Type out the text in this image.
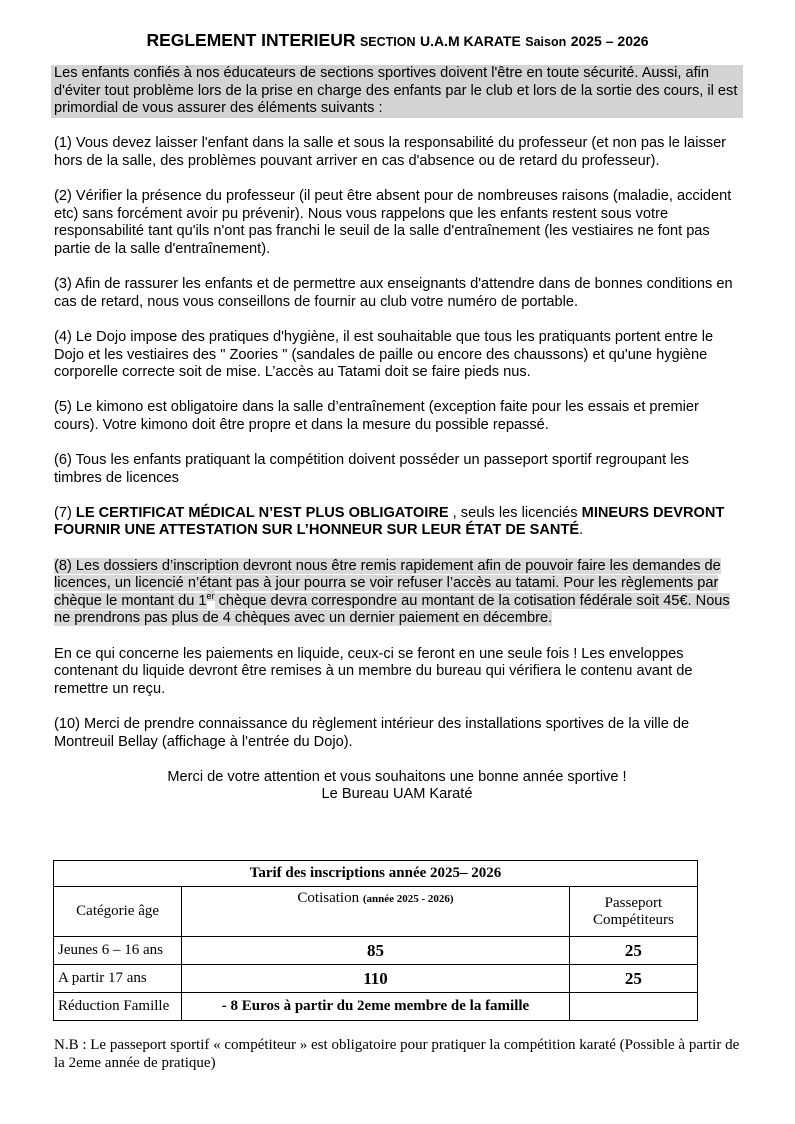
REGLEMENT INTERIEUR SECTION U.A.M KARATE Saison 2025 – 2026

Les enfants confiés à nos éducateurs de sections sportives doivent l'être en toute sécurité. Aussi, afin d'éviter tout problème lors de la prise en charge des enfants par le club et lors de la sortie des cours, il est primordial de vous assurer des éléments suivants :

(1) Vous devez laisser l'enfant dans la salle et sous la responsabilité du professeur (et non pas le laisser hors de la salle, des problèmes pouvant arriver en cas d'absence ou de retard du professeur).

(2) Vérifier la présence du professeur (il peut être absent pour de nombreuses raisons (maladie, accident etc) sans forcément avoir pu prévenir). Nous vous rappelons que les enfants restent sous votre responsabilité tant qu'ils n'ont pas franchi le seuil de la salle d'entraînement (les vestiaires ne font pas partie de la salle d'entraînement).

(3) Afin de rassurer les enfants et de permettre aux enseignants d'attendre dans de bonnes conditions en cas de retard, nous vous conseillons de fournir au club votre numéro de portable.

(4) Le Dojo impose des pratiques d'hygiène, il est souhaitable que tous les pratiquants portent entre le Dojo et les vestiaires des " Zoories " (sandales de paille ou encore des chaussons) et qu'une hygiène corporelle correcte soit de mise. L’accès au Tatami doit se faire pieds nus.

(5) Le kimono est obligatoire dans la salle d’entraînement (exception faite pour les essais et premier cours). Votre kimono doit être propre et dans la mesure du possible repassé.

(6) Tous les enfants pratiquant la compétition doivent posséder un passeport sportif regroupant les timbres de licences

(7) LE CERTIFICAT MÉDICAL N’EST PLUS OBLIGATOIRE , seuls les licenciés MINEURS DEVRONT FOURNIR UNE ATTESTATION SUR L’HONNEUR SUR LEUR ÉTAT DE SANTÉ.

(8) Les dossiers d’inscription devront nous être remis rapidement afin de pouvoir faire les demandes de licences, un licencié n’étant pas à jour pourra se voir refuser l’accès au tatami. Pour les règlements par chèque le montant du 1er chèque devra correspondre au montant de la cotisation fédérale soit 45€. Nous ne prendrons pas plus de 4 chèques avec un dernier paiement en décembre.

En ce qui concerne les paiements en liquide, ceux-ci se feront en une seule fois ! Les enveloppes contenant du liquide devront être remises à un membre du bureau qui vérifiera le contenu avant de remettre un reçu.

(10) Merci de prendre connaissance du règlement intérieur des installations sportives de la ville de Montreuil Bellay (affichage à l'entrée du Dojo).

Merci de votre attention et vous souhaitons une bonne année sportive !

Le Bureau UAM Karaté

Tarif des inscriptions année 2025– 2026		
Catégorie âge	Cotisation (année 2025 - 2026)	Passeport Compétiteurs
Jeunes 6 – 16 ans	85	25
A partir 17 ans	110	25
Réduction Famille	- 8 Euros à partir du 2eme membre de la famille	
N.B : Le passeport sportif « compétiteur » est obligatoire pour pratiquer la compétition karaté (Possible à partir de la 2eme année de pratique)
